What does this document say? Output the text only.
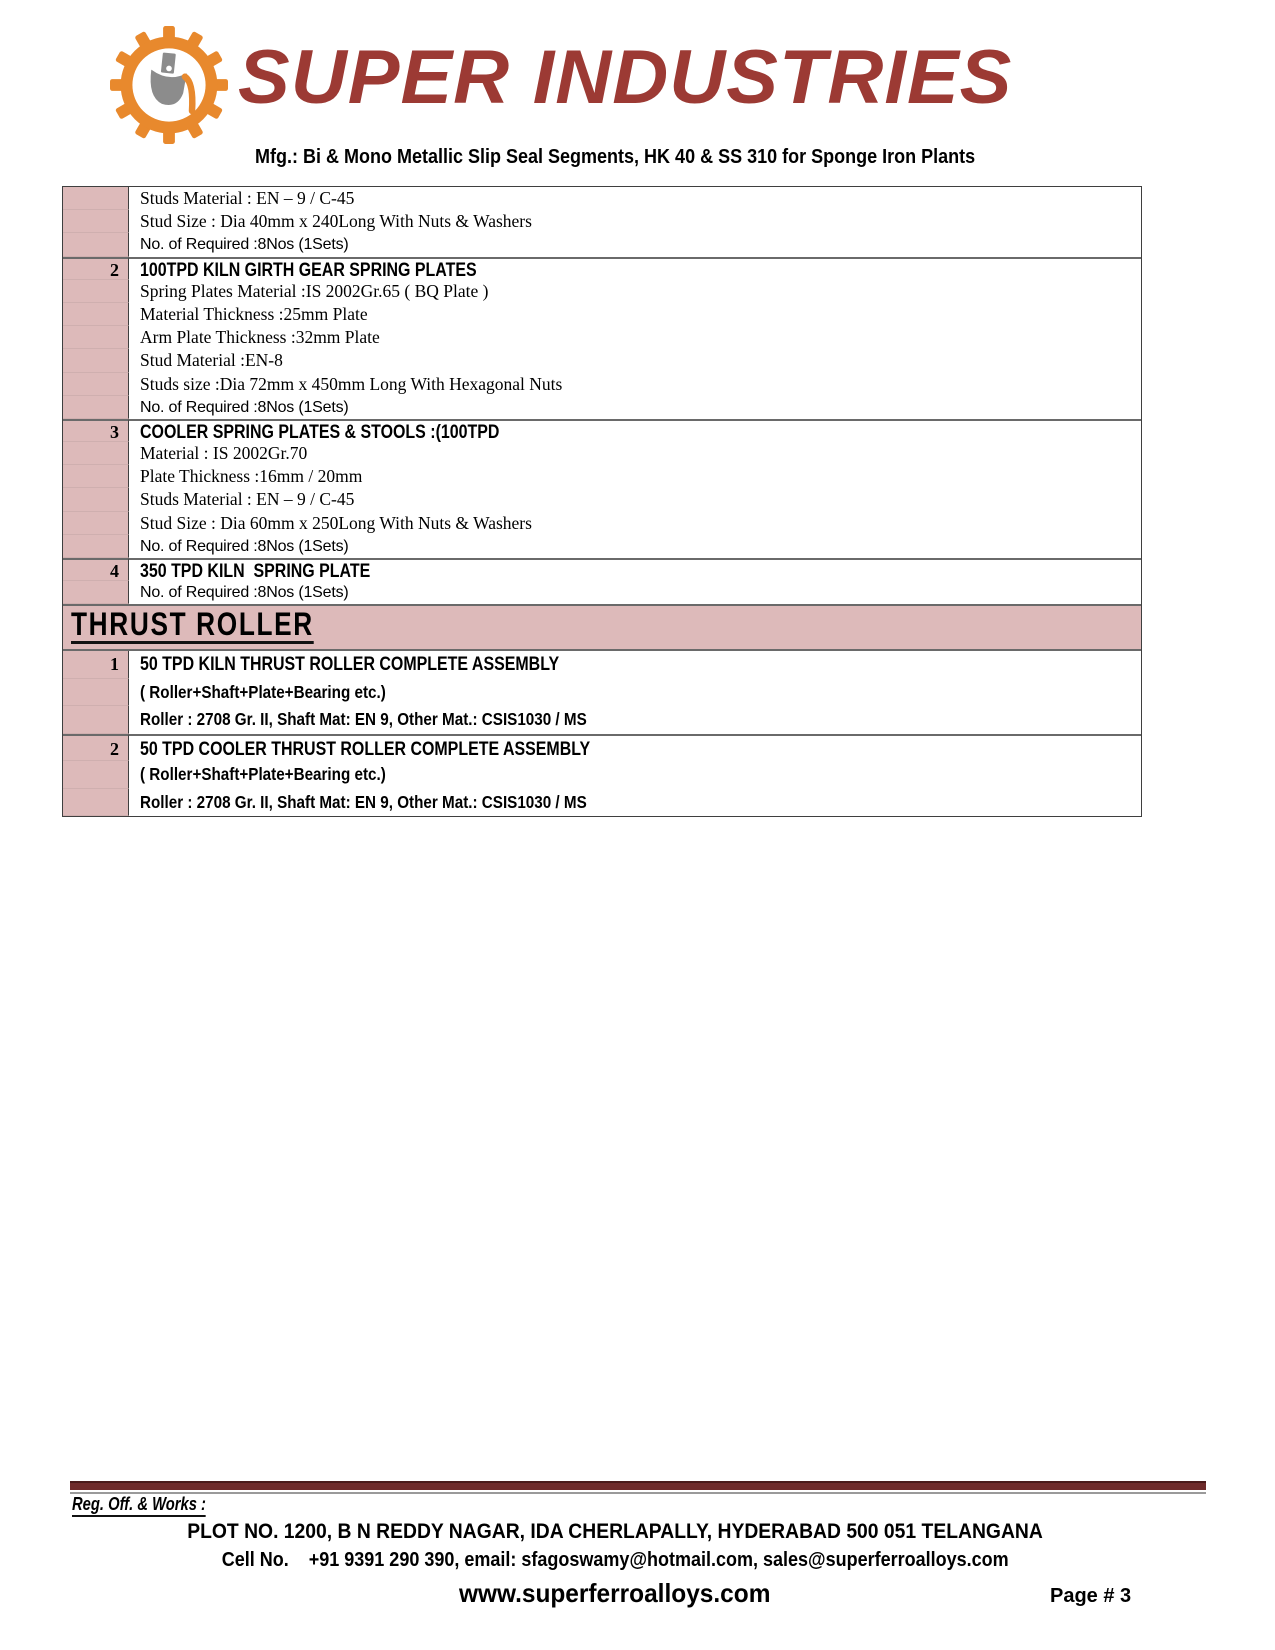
SUPER INDUSTRIES
Mfg.: Bi & Mono Metallic Slip Seal Segments, HK 40 & SS 310 for Sponge Iron Plants
Studs Material : EN – 9 / C-45
Stud Size : Dia 40mm x 240Long With Nuts & Washers
No. of Required :8Nos (1Sets)
2	100TPD KILN GIRTH GEAR SPRING PLATES
Spring Plates Material :IS 2002Gr.65 ( BQ Plate )
Material Thickness :25mm Plate
Arm Plate Thickness :32mm Plate
Stud Material :EN-8
Studs size :Dia 72mm x 450mm Long With Hexagonal Nuts
No. of Required :8Nos (1Sets)
3	COOLER SPRING PLATES & STOOLS :(100TPD
Material : IS 2002Gr.70
Plate Thickness :16mm / 20mm
Studs Material : EN – 9 / C-45
Stud Size : Dia 60mm x 250Long With Nuts & Washers
No. of Required :8Nos (1Sets)
4	350 TPD KILN  SPRING PLATE
No. of Required :8Nos (1Sets)
THRUST ROLLER
1	50 TPD KILN THRUST ROLLER COMPLETE ASSEMBLY
( Roller+Shaft+Plate+Bearing etc.)
Roller : 2708 Gr. II, Shaft Mat: EN 9, Other Mat.: CSIS1030 / MS
2	50 TPD COOLER THRUST ROLLER COMPLETE ASSEMBLY
( Roller+Shaft+Plate+Bearing etc.)
Roller : 2708 Gr. II, Shaft Mat: EN 9, Other Mat.: CSIS1030 / MS
Reg. Off. & Works :
PLOT NO. 1200, B N REDDY NAGAR, IDA CHERLAPALLY, HYDERABAD 500 051 TELANGANA
Cell No.    +91 9391 290 390, email: sfagoswamy@hotmail.com, sales@superferroalloys.com
www.superferroalloys.com	Page # 3
